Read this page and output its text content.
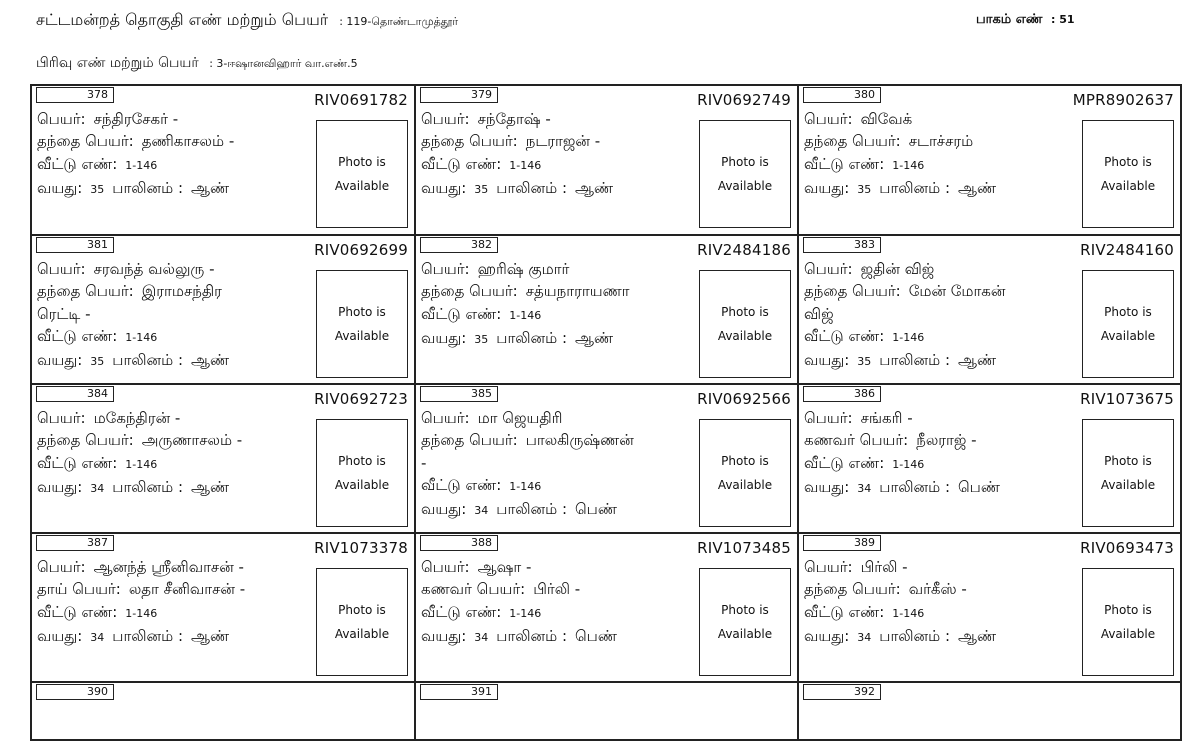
சட்டமன்றத் தொகுதி எண் மற்றும் பெயர் : 119-தொண்டாமுத்தூர்	பாகம் எண் : 51
பிரிவு எண் மற்றும் பெயர் : 3-ஈஷானவிஹார் வா.எண்.5
378	RIV0691782
பெயர்: சந்திரசேகர் -
தந்தை பெயர்: தணிகாசலம் -
வீட்டு எண்: 1-146
வயது: 35 பாலினம் : ஆண்
Photo is
Available
379	RIV0692749
பெயர்: சந்தோஷ் -
தந்தை பெயர்: நடராஜன் -
வீட்டு எண்: 1-146
வயது: 35 பாலினம் : ஆண்
Photo is
Available
380	MPR8902637
பெயர்: விவேக்
தந்தை பெயர்: சடாச்சரம்
வீட்டு எண்: 1-146
வயது: 35 பாலினம் : ஆண்
Photo is
Available
381	RIV0692699
பெயர்: சரவந்த் வல்லுரு -
தந்தை பெயர்: இராமசந்திர
ரெட்டி -
வீட்டு எண்: 1-146
வயது: 35 பாலினம் : ஆண்
Photo is
Available
382	RIV2484186
பெயர்: ஹரிஷ் குமார்
தந்தை பெயர்: சத்யநாராயணா
வீட்டு எண்: 1-146
வயது: 35 பாலினம் : ஆண்
Photo is
Available
383	RIV2484160
பெயர்: ஜதின் விஜ்
தந்தை பெயர்: மேன் மோகன்
விஜ்
வீட்டு எண்: 1-146
வயது: 35 பாலினம் : ஆண்
Photo is
Available
384	RIV0692723
பெயர்: மகேந்திரன் -
தந்தை பெயர்: அருணாசலம் -
வீட்டு எண்: 1-146
வயது: 34 பாலினம் : ஆண்
Photo is
Available
385	RIV0692566
பெயர்: மா ஜெயதிரி
தந்தை பெயர்: பாலகிருஷ்ணன்
-
வீட்டு எண்: 1-146
வயது: 34 பாலினம் : பெண்
Photo is
Available
386	RIV1073675
பெயர்: சங்கரி -
கணவர் பெயர்: நீலராஜ் -
வீட்டு எண்: 1-146
வயது: 34 பாலினம் : பெண்
Photo is
Available
387	RIV1073378
பெயர்: ஆனந்த் ஸ்ரீனிவாசன் -
தாய் பெயர்: லதா சீனிவாசன் -
வீட்டு எண்: 1-146
வயது: 34 பாலினம் : ஆண்
Photo is
Available
388	RIV1073485
பெயர்: ஆஷா -
கணவர் பெயர்: பிர்லி -
வீட்டு எண்: 1-146
வயது: 34 பாலினம் : பெண்
Photo is
Available
389	RIV0693473
பெயர்: பிர்லி -
தந்தை பெயர்: வர்கீஸ் -
வீட்டு எண்: 1-146
வயது: 34 பாலினம் : ஆண்
Photo is
Available
390	391	392
